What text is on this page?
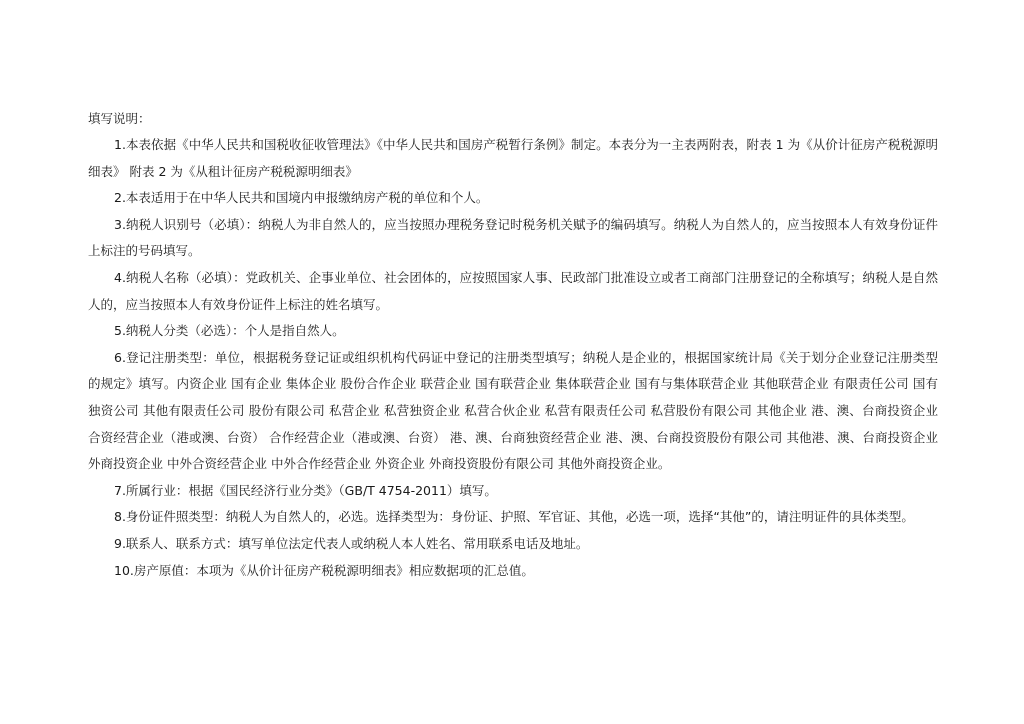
填写说明：

1.本表依据《中华人民共和国税收征收管理法》《中华人民共和国房产税暂行条例》制定。本表分为一主表两附表，附表 1 为《从价计征房产税税源明细表》 附表 2 为《从租计征房产税税源明细表》

2.本表适用于在中华人民共和国境内申报缴纳房产税的单位和个人。

3.纳税人识别号（必填）：纳税人为非自然人的，应当按照办理税务登记时税务机关赋予的编码填写。纳税人为自然人的，应当按照本人有效身份证件上标注的号码填写。

4.纳税人名称（必填）：党政机关、企事业单位、社会团体的，应按照国家人事、民政部门批准设立或者工商部门注册登记的全称填写；纳税人是自然人的，应当按照本人有效身份证件上标注的姓名填写。

5.纳税人分类（必选）：个人是指自然人。

6.登记注册类型：单位，根据税务登记证或组织机构代码证中登记的注册类型填写；纳税人是企业的，根据国家统计局《关于划分企业登记注册类型的规定》填写。内资企业 国有企业 集体企业 股份合作企业 联营企业 国有联营企业 集体联营企业 国有与集体联营企业 其他联营企业 有限责任公司 国有独资公司 其他有限责任公司 股份有限公司 私营企业 私营独资企业 私营合伙企业 私营有限责任公司 私营股份有限公司 其他企业 港、澳、台商投资企业 合资经营企业（港或澳、台资） 合作经营企业（港或澳、台资） 港、澳、台商独资经营企业 港、澳、台商投资股份有限公司 其他港、澳、台商投资企业 外商投资企业 中外合资经营企业 中外合作经营企业 外资企业 外商投资股份有限公司 其他外商投资企业。

7.所属行业：根据《国民经济行业分类》（GB/T 4754-2011）填写。

8.身份证件照类型：纳税人为自然人的，必选。选择类型为：身份证、护照、军官证、其他，必选一项，选择“其他”的，请注明证件的具体类型。

9.联系人、联系方式：填写单位法定代表人或纳税人本人姓名、常用联系电话及地址。

10.房产原值：本项为《从价计征房产税税源明细表》相应数据项的汇总值。
